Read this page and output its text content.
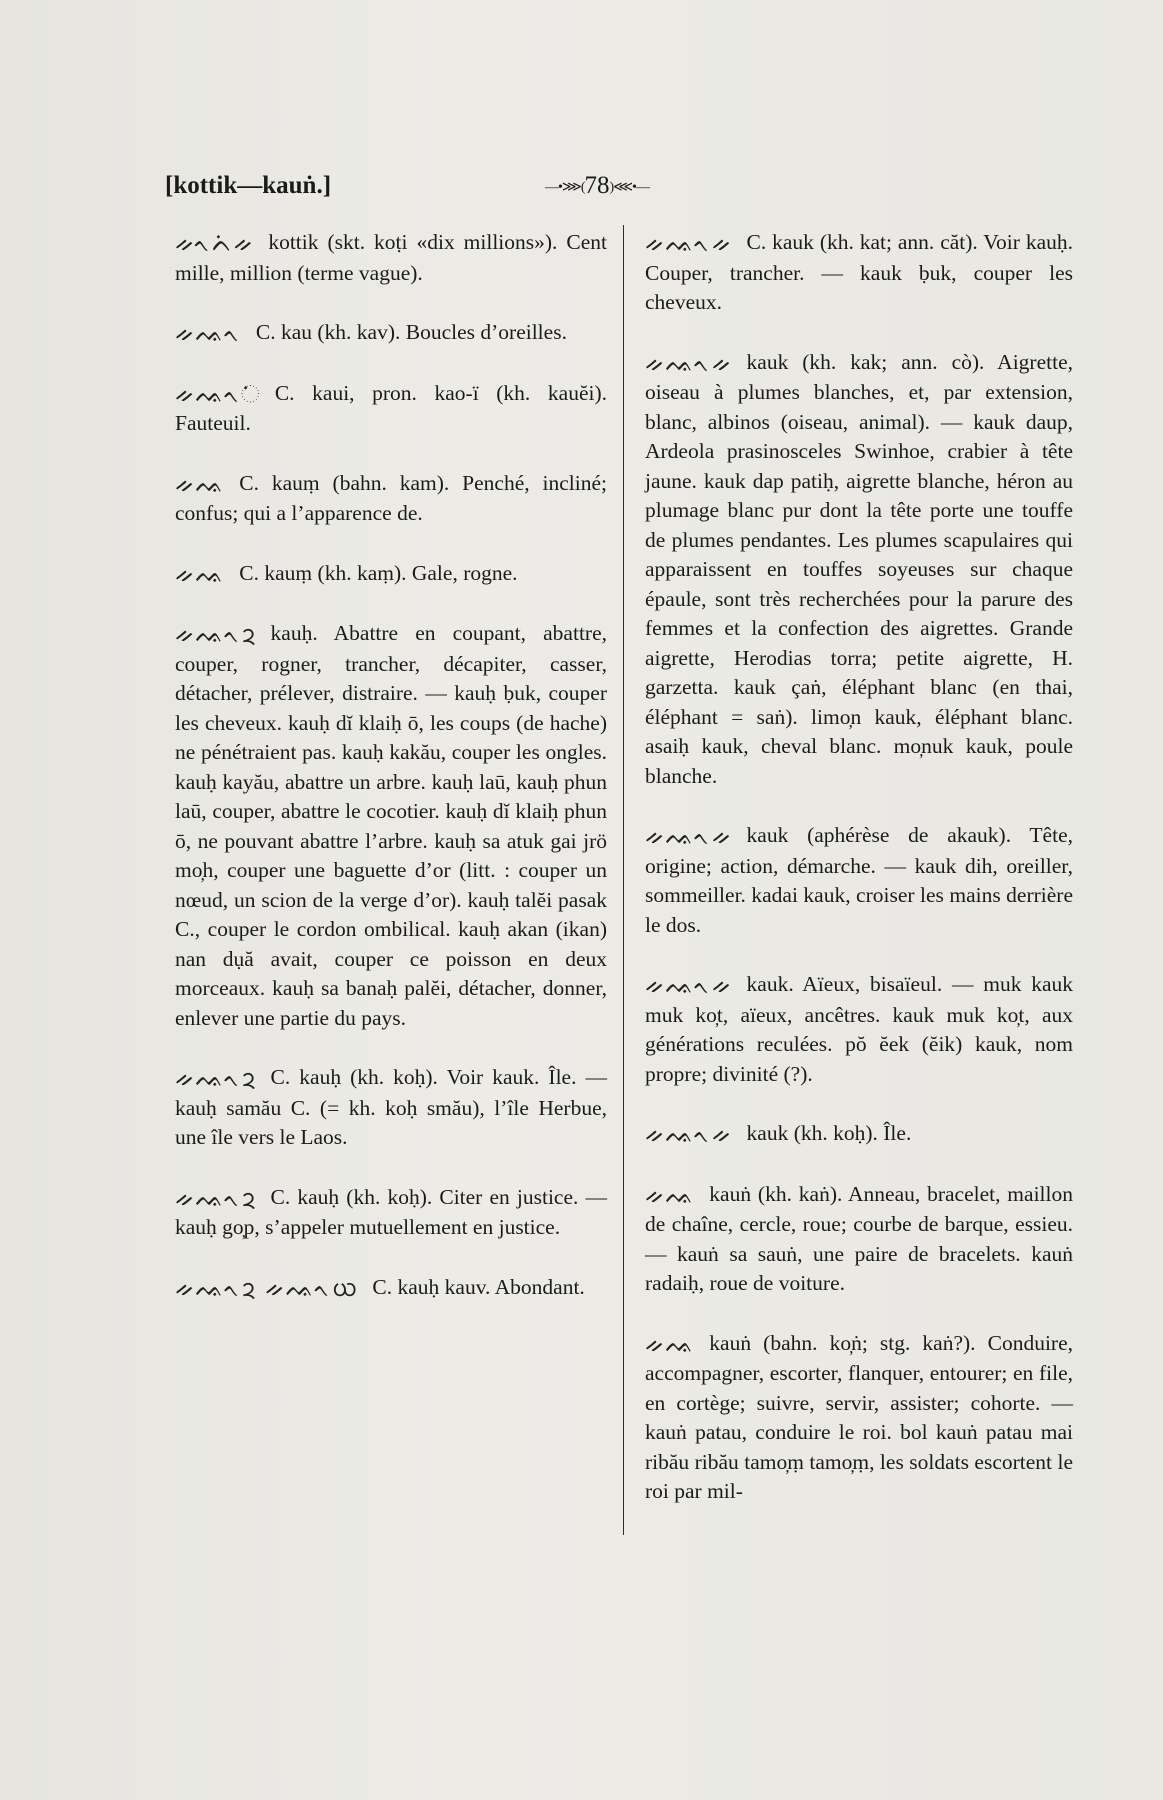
[kottik—kauṅ.]	—•⋙(78)⋘•—
ᨀᨚᨈᨗᨀ kottik (skt. koṭi «dix millions»). Cent mille, million (terme vague).
ᨀᨕᨚ C. kau (kh. kav). Boucles d’oreilles.
ᨀᨕᨚᨗ C. kaui, pron. kao-ï (kh. kauĕi). Fauteuil.
ᨀᨕ C. kauṃ (bahn. kam). Penché, incliné; confus; qui a l’apparence de.
ᨀᨕ C. kauṃ (kh. kaṃ). Gale, rogne.
ᨀᨕᨚᨯ kauḥ. Abattre en coupant, abattre, couper, rogner, trancher, décapiter, casser, détacher, prélever, distraire. — kauḥ ḅuk, couper les cheveux. kauḥ dĭ klaiḥ ō, les coups (de hache) ne pénétraient pas. kauḥ kakău, couper les ongles. kauḥ kayău, abattre un arbre. kauḥ laū, kauḥ phun laū, couper, abattre le cocotier. kauḥ dĭ klaiḥ phun ō, ne pouvant abattre l’arbre. kauḥ sa atuk gai jrö mo̦h, couper une baguette d’or (litt. : couper un nœud, un scion de la verge d’or). kauḥ talĕi pasak C., couper le cordon ombilical. kauḥ akan (ikan) nan dụă avait, couper ce poisson en deux morceaux. kauḥ sa banaḥ palĕi, détacher, donner, enlever une partie du pays.
ᨀᨕᨚᨯ C. kauḥ (kh. koḥ). Voir kauk. Île. — kauḥ samău C. (= kh. koḥ smău), l’île Herbue, une île vers le Laos.
ᨀᨕᨚᨯ C. kauḥ (kh. koḥ). Citer en justice. — kauḥ go̦p, s’appeler mutuellement en justice.
ᨀᨕᨚᨯ ᨀᨕᨚᨿ C. kauḥ kauv. Abondant.
ᨀᨕᨚᨀ C. kauk (kh. kat; ann. căt). Voir kauḥ. Couper, trancher. — kauk ḅuk, couper les cheveux.
ᨀᨕᨚᨀ kauk (kh. kak; ann. cò). Aigrette, oiseau à plumes blanches, et, par extension, blanc, albinos (oiseau, animal). — kauk daup, Ardeola prasinosceles Swinhoe, crabier à tête jaune. kauk dap patiḥ, aigrette blanche, héron au plumage blanc pur dont la tête porte une touffe de plumes pendantes. Les plumes scapulaires qui apparaissent en touffes soyeuses sur chaque épaule, sont très recherchées pour la parure des femmes et la confection des aigrettes. Grande aigrette, Herodias torra; petite aigrette, H. garzetta. kauk çaṅ, éléphant blanc (en thai, éléphant = saṅ). limo̦n kauk, éléphant blanc. asaiḥ kauk, cheval blanc. mo̦nuk kauk, poule blanche.
ᨀᨕᨚᨀ kauk (aphérèse de akauk). Tête, origine; action, démarche. — kauk dih, oreiller, sommeiller. kadai kauk, croiser les mains derrière le dos.
ᨀᨕᨚᨀ kauk. Aïeux, bisaïeul. — muk kauk muk ko̦t, aïeux, ancêtres. kauk muk ko̦t, aux générations reculées. pŏ ĕek (ĕik) kauk, nom propre; divinité (?).
ᨀᨕᨚᨀ kauk (kh. koḥ). Île.
ᨀᨕ kauṅ (kh. kaṅ). Anneau, bracelet, maillon de chaîne, cercle, roue; courbe de barque, essieu. — kauṅ sa sauṅ, une paire de bracelets. kauṅ radaiḥ, roue de voiture.
ᨀᨕ kauṅ (bahn. ko̦ṅ; stg. kaṅ?). Conduire, accompagner, escorter, flanquer, entourer; en file, en cortège; suivre, servir, assister; cohorte. — kauṅ patau, conduire le roi. bol kauṅ patau mai ribău ribău tamo̦ṃ tamo̦ṃ, les soldats escortent le roi par mil-
